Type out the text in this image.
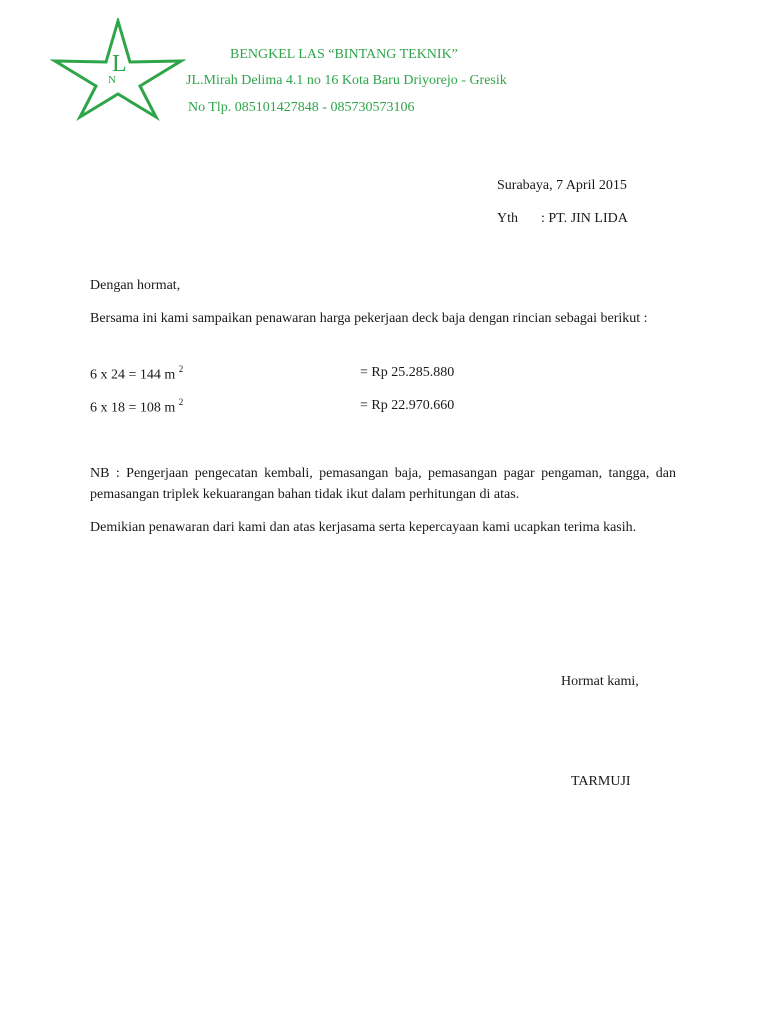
L
N
BENGKEL LAS “BINTANG TEKNIK”
JL.Mirah Delima 4.1 no 16 Kota Baru Driyorejo - Gresik
No Tlp. 085101427848 - 085730573106
Surabaya, 7 April 2015
Yth : PT. JIN LIDA
Dengan hormat,
Bersama ini kami sampaikan penawaran harga pekerjaan deck baja dengan rincian sebagai berikut :
6 x 24 = 144 m $^2$	= Rp 25.285.880
6 x 18 = 108 m $^2$	= Rp 22.970.660
NB : Pengerjaan pengecatan kembali, pemasangan baja, pemasangan pagar pengaman, tangga, dan pemasangan triplek kekuarangan bahan tidak ikut dalam perhitungan di atas.
Demikian penawaran dari kami dan atas kerjasama serta kepercayaan kami ucapkan terima kasih.
Hormat kami,
TARMUJI
